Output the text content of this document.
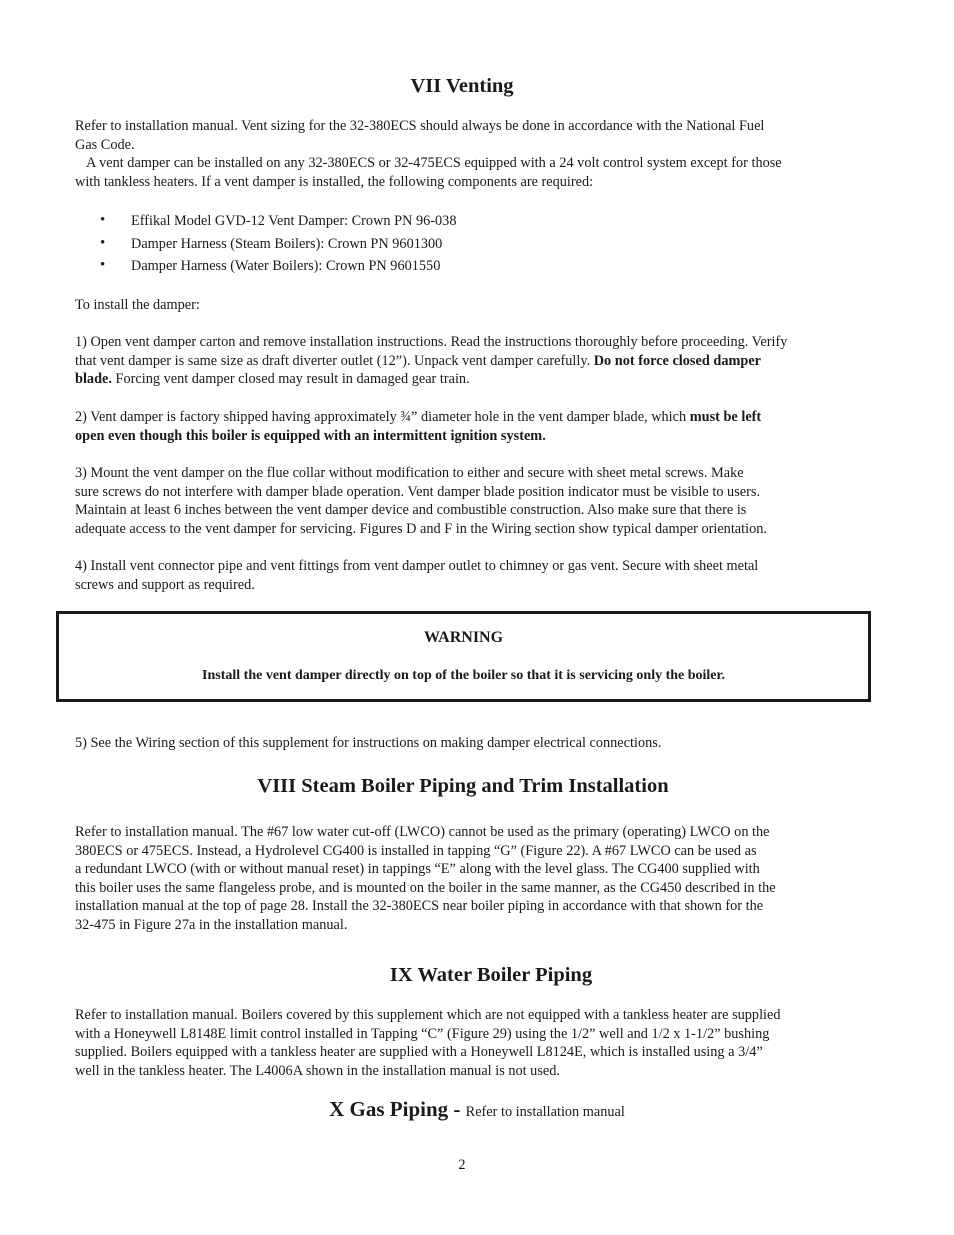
VII Venting

Refer to installation manual. Vent sizing for the 32-380ECS should always be done in accordance with the National Fuel
Gas Code.
A vent damper can be installed on any 32-380ECS or 32-475ECS equipped with a 24 volt control system except for those
with tankless heaters. If a vent damper is installed, the following components are required:

• Effikal Model GVD-12 Vent Damper: Crown PN 96-038
• Damper Harness (Steam Boilers): Crown PN 9601300
• Damper Harness (Water Boilers): Crown PN 9601550

To install the damper:

1) Open vent damper carton and remove installation instructions. Read the instructions thoroughly before proceeding. Verify
that vent damper is same size as draft diverter outlet (12”). Unpack vent damper carefully. Do not force closed damper
blade. Forcing vent damper closed may result in damaged gear train.

2) Vent damper is factory shipped having approximately ¾” diameter hole in the vent damper blade, which must be left
open even though this boiler is equipped with an intermittent ignition system.

3) Mount the vent damper on the flue collar without modification to either and secure with sheet metal screws. Make
sure screws do not interfere with damper blade operation. Vent damper blade position indicator must be visible to users.
Maintain at least 6 inches between the vent damper device and combustible construction. Also make sure that there is
adequate access to the vent damper for servicing. Figures D and F in the Wiring section show typical damper orientation.

4) Install vent connector pipe and vent fittings from vent damper outlet to chimney or gas vent. Secure with sheet metal
screws and support as required.

WARNING
Install the vent damper directly on top of the boiler so that it is servicing only the boiler.

5) See the Wiring section of this supplement for instructions on making damper electrical connections.

VIII Steam Boiler Piping and Trim Installation

Refer to installation manual. The #67 low water cut-off (LWCO) cannot be used as the primary (operating) LWCO on the
380ECS or 475ECS. Instead, a Hydrolevel CG400 is installed in tapping “G” (Figure 22). A #67 LWCO can be used as
a redundant LWCO (with or without manual reset) in tappings “E” along with the level glass. The CG400 supplied with
this boiler uses the same flangeless probe, and is mounted on the boiler in the same manner, as the CG450 described in the
installation manual at the top of page 28. Install the 32-380ECS near boiler piping in accordance with that shown for the
32-475 in Figure 27a in the installation manual.

IX Water Boiler Piping

Refer to installation manual. Boilers covered by this supplement which are not equipped with a tankless heater are supplied
with a Honeywell L8148E limit control installed in Tapping “C” (Figure 29) using the 1/2” well and 1/2 x 1-1/2” bushing
supplied. Boilers equipped with a tankless heater are supplied with a Honeywell L8124E, which is installed using a 3/4”
well in the tankless heater. The L4006A shown in the installation manual is not used.

X Gas Piping - Refer to installation manual
2
